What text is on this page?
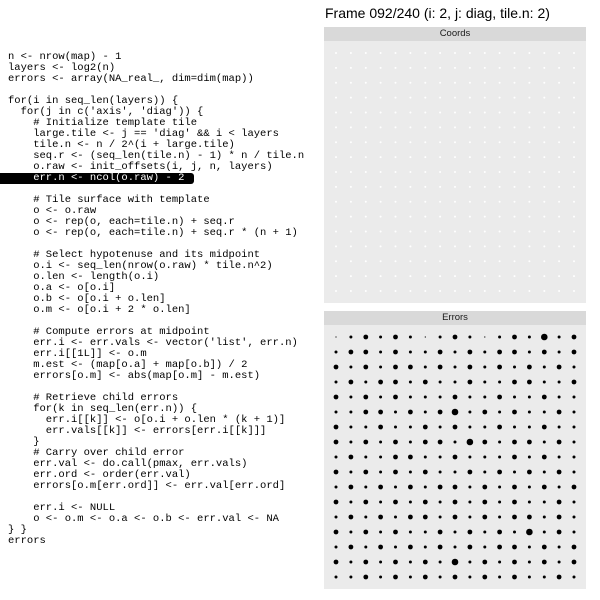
Frame 092/240 (i: 2, j: diag, tile.n: 2)
n <- nrow(map) - 1
layers <- log2(n)
errors <- array(NA_real_, dim=dim(map))
for(i in seq_len(layers)) {
for(j in c('axis', 'diag')) {
# Initialize template tile
large.tile <- j == 'diag' && i < layers
tile.n <- n / 2^(i + large.tile)
seq.r <- (seq_len(tile.n) - 1) * n / tile.n
o.raw <- init_offsets(i, j, n, layers)
err.n <- ncol(o.raw) - 2
# Tile surface with template
o <- o.raw
o <- rep(o, each=tile.n) + seq.r
o <- rep(o, each=tile.n) + seq.r * (n + 1)
# Select hypotenuse and its midpoint
o.i <- seq_len(nrow(o.raw) * tile.n^2)
o.len <- length(o.i)
o.a <- o[o.i]
o.b <- o[o.i + o.len]
o.m <- o[o.i + 2 * o.len]
# Compute errors at midpoint
err.i <- err.vals <- vector('list', err.n)
err.i[[1L]] <- o.m
m.est <- (map[o.a] + map[o.b]) / 2
errors[o.m] <- abs(map[o.m] - m.est)
# Retrieve child errors
for(k in seq_len(err.n)) {
err.i[[k]] <- o[o.i + o.len * (k + 1)]
err.vals[[k]] <- errors[err.i[[k]]]
}
# Carry over child error
err.val <- do.call(pmax, err.vals)
err.ord <- order(err.val)
errors[o.m[err.ord]] <- err.val[err.ord]
err.i <- NULL
o <- o.m <- o.a <- o.b <- err.val <- NA
} }
errors
Coords
Errors
